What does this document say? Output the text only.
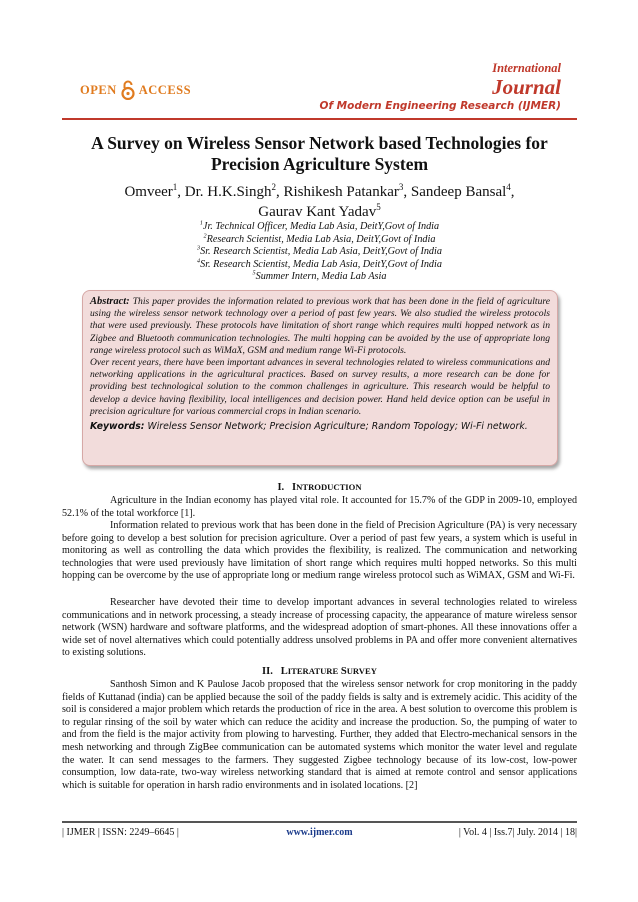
OPEN ACCESS
International
Journal
Of Modern Engineering Research (IJMER)
A Survey on Wireless Sensor Network based Technologies for
Precision Agriculture System
Omveer$^1$, Dr. H.K.Singh$^2$, Rishikesh Patankar$^3$, Sandeep Bansal$^4$,
Gaurav Kant Yadav$^5$
$^1$Jr. Technical Officer, Media Lab Asia, DeitY,Govt of India
$^2$Research Scientist, Media Lab Asia, DeitY,Govt of India
$^3$Sr. Research Scientist, Media Lab Asia, DeitY,Govt of India
$^4$Sr. Research Scientist, Media Lab Asia, DeitY,Govt of India
$^5$Summer Intern, Media Lab Asia

Abstract: This paper provides the information related to previous work that has been done in the field of agriculture using the wireless sensor network technology over a period of past few years. We also studied the wireless protocols that were used previously. These protocols have limitation of short range which requires multi hopped network as in Zigbee and Bluetooth communication technologies. The multi hopping can be avoided by the use of appropriate long range wireless protocol such as WiMaX, GSM and medium range Wi-Fi protocols.

Over recent years, there have been important advances in several technologies related to wireless communications and networking applications in the agricultural practices. Based on survey results, a more research can be done for providing best technological solution to the common challenges in agriculture. This research would be helpful to develop a device having flexibility, local intelligences and decision power. Hand held device option can be useful in precision agriculture for various commercial crops in Indian scenario.

Keywords: Wireless Sensor Network; Precision Agriculture; Random Topology; Wi-Fi network.
I. INTRODUCTION

Agriculture in the Indian economy has played vital role. It accounted for 15.7% of the GDP in 2009-10, employed 52.1% of the total workforce [1].

Information related to previous work that has been done in the field of Precision Agriculture (PA) is very necessary before going to develop a best solution for precision agriculture. Over a period of past few years, a system which is useful in monitoring as well as controlling the data which provides the flexibility, is realized. The communication and networking technologies that were used previously have limitation of short range which requires multi hopped networks. So this multi hopping can be overcome by the use of appropriate long or medium range wireless protocol such as WiMAX, GSM and Wi-Fi.

Researcher have devoted their time to develop important advances in several technologies related to wireless communications and in network processing, a steady increase of processing capacity, the appearance of mature wireless sensor network (WSN) hardware and software platforms, and the widespread adoption of smart-phones. All these innovations offer a wide set of novel alternatives which could potentially address unsolved problems in PA and offer more convenient alternatives to existing solutions.

II. LITERATURE SURVEY

Santhosh Simon and K Paulose Jacob proposed that the wireless sensor network for crop monitoring in the paddy fields of Kuttanad (india) can be applied because the soil of the paddy fields is salty and is extremely acidic. This acidity of the soil is considered a major problem which retards the production of rice in the area. A best solution to overcome this problem is to regular rinsing of the soil by water which can reduce the acidity and increase the production. So, the pumping of water to and from the field is the major activity from plowing to harvesting. Further, they added that Electro-mechanical sensors in the mesh networking and through ZigBee communication can be automated systems which monitor the water level and regulate the water. It can send messages to the farmers. They suggested Zigbee technology because of its low-cost, low-power consumption, low data-rate, two-way wireless networking standard that is aimed at remote control and sensor applications which is suitable for operation in harsh radio environments and in isolated locations. [2]

| IJMER | ISSN: 2249–6645 |	www.ijmer.com	| Vol. 4 | Iss.7| July. 2014 | 18|
